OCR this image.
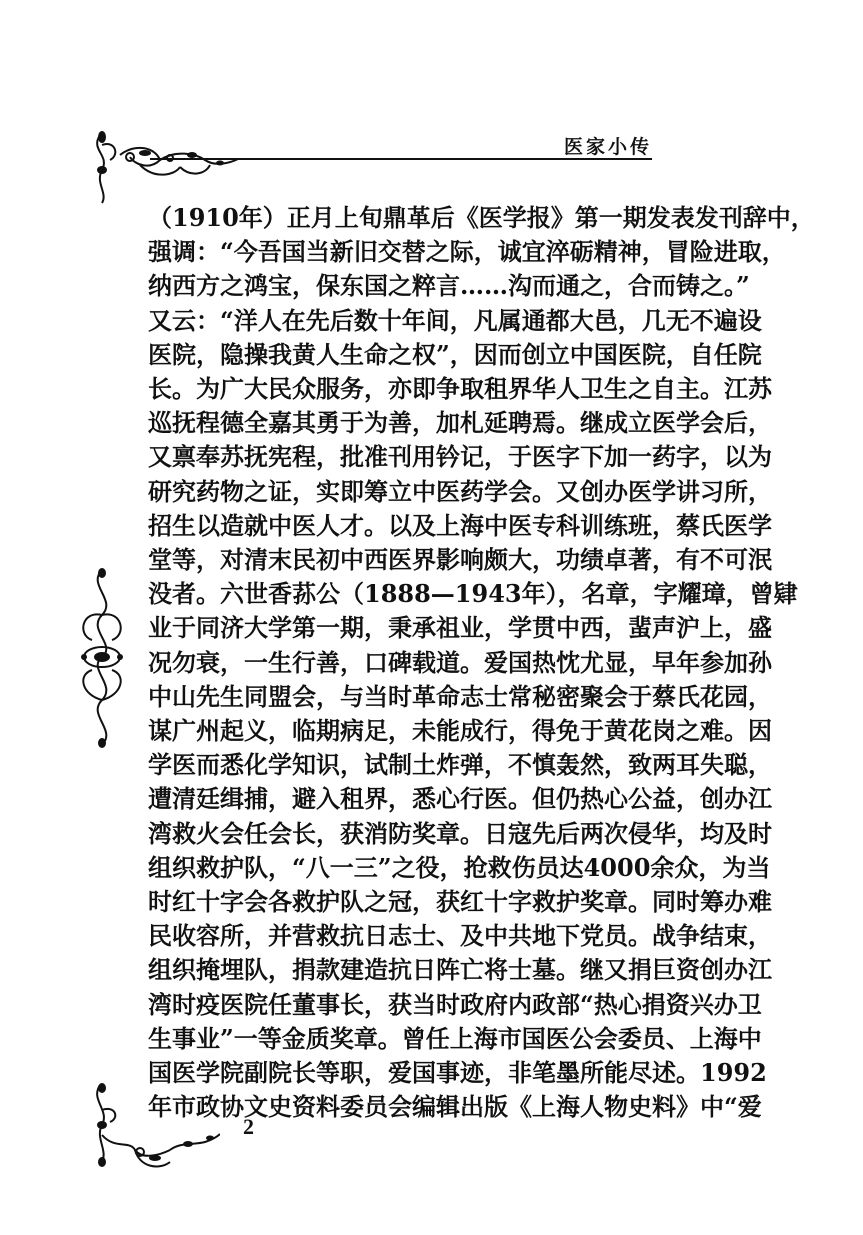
医家小传
（1910年）正月上旬鼎革后《医学报》第一期发表发刊辞中，
强调：“今吾国当新旧交替之际，诚宜淬砺精神，冒险进取，
纳西方之鸿宝，保东国之粹言……沟而通之，合而铸之。”
又云：“洋人在先后数十年间，凡属通都大邑，几无不遍设
医院，隐操我黄人生命之权”，因而创立中国医院，自任院
长。为广大民众服务，亦即争取租界华人卫生之自主。江苏
巡抚程德全嘉其勇于为善，加札延聘焉。继成立医学会后，
又禀奉苏抚宪程，批准刊用钤记，于医字下加一药字，以为
研究药物之证，实即筹立中医药学会。又创办医学讲习所，
招生以造就中医人才。以及上海中医专科训练班，蔡氏医学
堂等，对清末民初中西医界影响颇大，功绩卓著，有不可泯
没者。六世香荪公（1888—1943年），名章，字耀璋，曾肄
业于同济大学第一期，秉承祖业，学贯中西，蜚声沪上，盛
况勿衰，一生行善，口碑载道。爱国热忱尤显，早年参加孙
中山先生同盟会，与当时革命志士常秘密聚会于蔡氏花园，
谋广州起义，临期病足，未能成行，得免于黄花岗之难。因
学医而悉化学知识，试制土炸弹，不慎轰然，致两耳失聪，
遭清廷缉捕，避入租界，悉心行医。但仍热心公益，创办江
湾救火会任会长，获消防奖章。日寇先后两次侵华，均及时
组织救护队，“八一三”之役，抢救伤员达4000余众，为当
时红十字会各救护队之冠，获红十字救护奖章。同时筹办难
民收容所，并营救抗日志士、及中共地下党员。战争结束，
组织掩埋队，捐款建造抗日阵亡将士墓。继又捐巨资创办江
湾时疫医院任董事长，获当时政府内政部“热心捐资兴办卫
生事业”一等金质奖章。曾任上海市国医公会委员、上海中
国医学院副院长等职，爱国事迹，非笔墨所能尽述。1992
年市政协文史资料委员会编辑出版《上海人物史料》中“爱
2
